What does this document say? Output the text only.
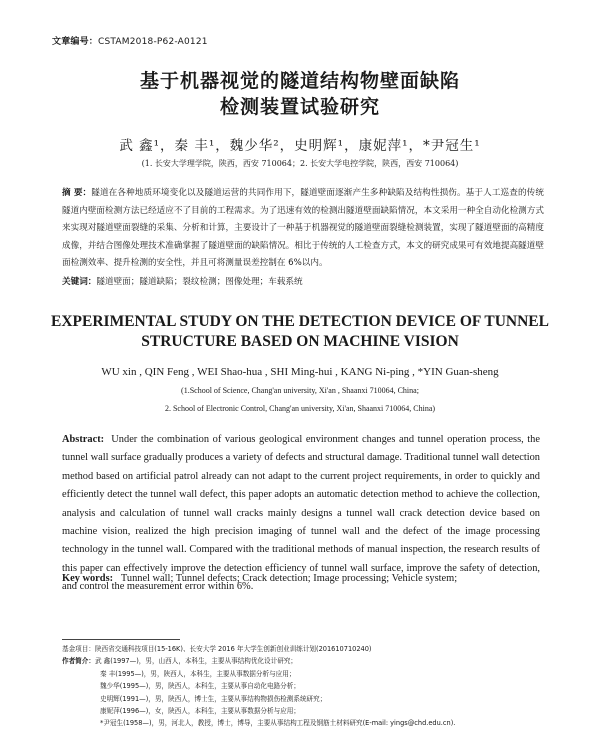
文章编号：CSTAM2018-P62-A0121
基于机器视觉的隧道结构物壁面缺陷
检测装置试验研究
武 鑫¹，秦 丰¹，魏少华²，史明辉¹，康妮萍¹，*尹冠生¹
(1. 长安大学理学院，陕西，西安 710064；2. 长安大学电控学院，陕西，西安 710064)
摘 要：隧道在各种地质环境变化以及隧道运营的共同作用下，隧道壁面逐渐产生多种缺陷及结构性损伤。基于人工巡查的传统隧道内壁面检测方法已经适应不了目前的工程需求。为了迅速有效的检测出隧道壁面缺陷情况，本文采用一种全自动化检测方式来实现对隧道壁面裂缝的采集、分析和计算，主要设计了一种基于机器视觉的隧道壁面裂缝检测装置，实现了隧道壁面的高精度成像，并结合图像处理技术准确掌握了隧道壁面的缺陷情况。相比于传统的人工检查方式，本文的研究成果可有效地提高隧道壁面检测效率、提升检测的安全性，并且可将测量误差控制在 6%以内。
关键词：隧道壁面；隧道缺陷；裂纹检测；图像处理；车载系统
EXPERIMENTAL STUDY ON THE DETECTION DEVICE OF TUNNEL
STRUCTURE BASED ON MACHINE VISION
WU xin , QIN Feng , WEI Shao-hua , SHI Ming-hui , KANG Ni-ping , *YIN Guan-sheng
(1.School of Science, Chang'an university, Xi'an , Shaanxi 710064, China;
2. School of Electronic Control, Chang'an university, Xi'an, Shaanxi 710064, China)
Abstract: Under the combination of various geological environment changes and tunnel operation process, the tunnel wall surface gradually produces a variety of defects and structural damage. Traditional tunnel wall detection method based on artificial patrol already can not adapt to the current project requirements, in order to quickly and efficiently detect the tunnel wall defect, this paper adopts an automatic detection method to achieve the collection, analysis and calculation of tunnel wall cracks mainly designs a tunnel wall crack detection device based on machine vision, realized the high precision imaging of tunnel wall and the defect of the image processing technology in the tunnel wall. Compared with the traditional methods of manual inspection, the research results of this paper can effectively improve the detection efficiency of tunnel wall surface, improve the safety of detection, and control the measurement error within 6%.
Key words: Tunnel wall; Tunnel defects; Crack detection; Image processing; Vehicle system;
基金项目：陕西省交通科技项目(15-16K)、长安大学 2016 年大学生创新创业训练计划(201610710240)
作者简介：武 鑫(1997—)，男，山西人，本科生，主要从事结构优化设计研究；
秦 丰(1995—)，男，陕西人，本科生，主要从事数据分析与应用；
魏少华(1995—)，男，陕西人，本科生，主要从事自动化电路分析；
史明辉(1991—)，男，陕西人，博士生，主要从事结构物损伤检测系统研究；
康妮萍(1996—)，女，陕西人，本科生，主要从事数据分析与应用；
*尹冠生(1958—)，男，河北人，教授，博士，博导，主要从事结构工程及钢筋土材料研究(E-mail: yings@chd.edu.cn).
